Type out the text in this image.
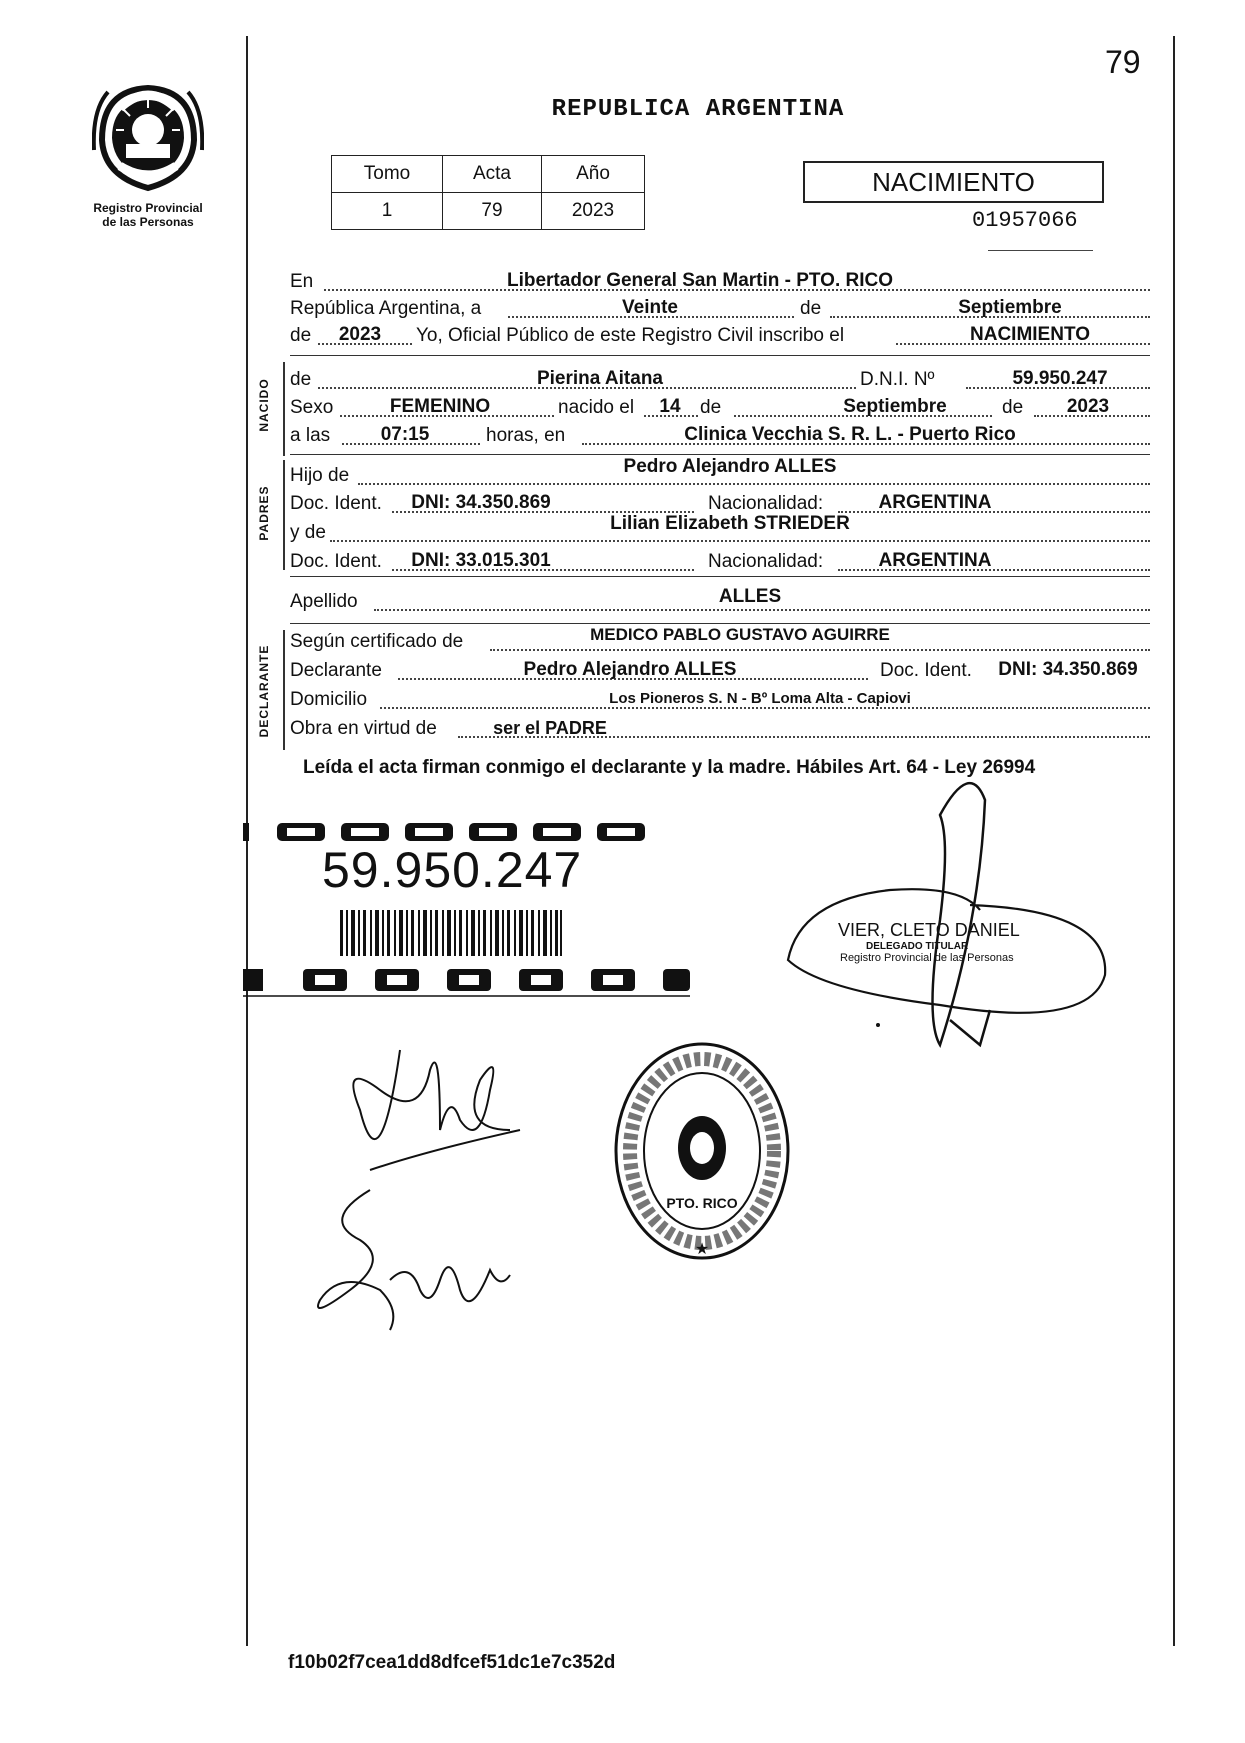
Registro Provincial
de las Personas
79
REPUBLICA ARGENTINA
Tomo	Acta	Año
1	79	2023
NACIMIENTO
01957066
En	Libertador General San Martin - PTO. RICO
República Argentina, a	Veinte	de	Septiembre
de	2023	Yo, Oficial Público de este Registro Civil inscribo el	NACIMIENTO
NACIDO de	Pierina Aitana	D.N.I. Nº	59.950.247
Sexo	FEMENINO	nacido el	14	de	Septiembre	de	2023
a las	07:15	horas, en	Clinica Vecchia S. R. L. - Puerto Rico
PADRES
Hijo de	Pedro Alejandro ALLES
Doc. Ident.	DNI: 34.350.869	Nacionalidad:	ARGENTINA
y de	Lilian Elizabeth STRIEDER
Doc. Ident.	DNI: 33.015.301	Nacionalidad:	ARGENTINA
Apellido	ALLES
DECLARANTE
Según certificado de	MEDICO PABLO GUSTAVO AGUIRRE
Declarante	Pedro Alejandro ALLES	Doc. Ident.	DNI: 34.350.869
Domicilio	Los Pioneros S. N - Bº Loma Alta - Capiovi
Obra en virtud de	ser el PADRE
Leída el acta firman conmigo el declarante y la madre. Hábiles Art. 64 - Ley 26994
59.950.247
VIER, CLETO DANIEL
DELEGADO TITULAR
Registro Provincial de las Personas
PTO. RICO
★
f10b02f7cea1dd8dfcef51dc1e7c352d
